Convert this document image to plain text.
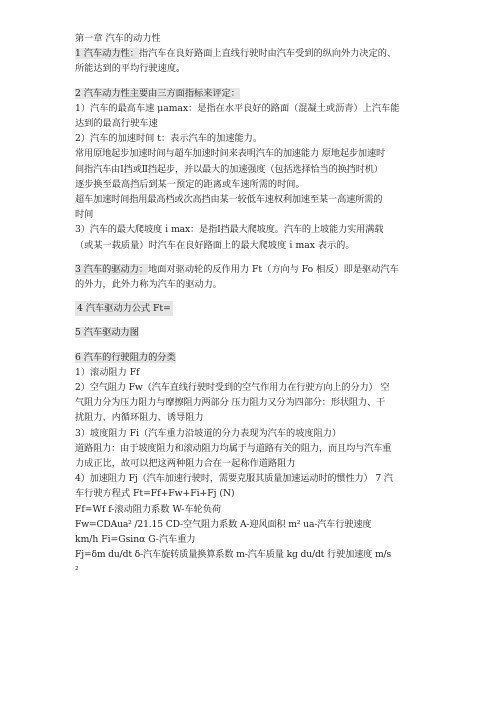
第一章 汽车的动力性
1 汽车动力性：指汽车在良好路面上直线行驶时由汽车受到的纵向外力决定的、
所能达到的平均行驶速度。
2 汽车动力性主要由三方面指标来评定：
1）汽车的最高车速 μamax：是指在水平良好的路面（混凝土或沥青）上汽车能
达到的最高行驶车速
2）汽车的加速时间 t：表示汽车的加速能力。
常用原地起步加速时间与超车加速时间来表明汽车的加速能力 原地起步加速时
间指汽车由Ⅰ挡或Ⅱ挡起步，并以最大的加速强度（包括选择恰当的换挡时机）
逐步换至最高挡后到某一预定的距离或车速所需的时间。
超车加速时间指用最高档或次高挡由某一较低车速权利加速至某一高速所需的
时间
3）汽车的最大爬坡度ｉmax：是指Ⅰ挡最大爬坡度。汽车的上坡能力实用满载
（或某一载质量）时汽车在良好路面上的最大爬坡度ｉmax 表示的。
3 汽车的驱动力：地面对驱动轮的反作用力 Ft（方向与 Fo 相反）即是驱动汽车
的外力，此外力称为汽车的驱动力。
4 汽车驱动力公式 Ft=
5 汽车驱动力图
6 汽车的行驶阻力的分类
1）滚动阻力 Ff
2）空气阻力 Fw（汽车直线行驶时受到的空气作用力在行驶方向上的分力） 空
气阻力分为压力阻力与摩擦阻力两部分 压力阻力又分为四部分：形状阻力、干
扰阻力、内循环阻力、诱导阻力
3）坡度阻力 Fi（汽车重力沿坡道的分力表现为汽车的坡度阻力）
道路阻力：由于坡度阻力和滚动阻力均属于与道路有关的阻力，而且均与汽车重
力成正比，故可以把这两种阻力合在一起称作道路阻力
4）加速阻力 Fj（汽车加速行驶时，需要克服其质量加速运动时的惯性力） 7 汽
车行驶方程式 Ft=Ff+Fw+Fi+Fj (N)
Ff=Wf f-滚动阻力系数 W-车轮负荷
Fw=CDAua² /21.15 CD-空气阻力系数 A-迎风面积 m² ua-汽车行驶速度
km/h Fi=Gsinα G-汽车重力
Fj=δm du/dt δ-汽车旋转质量换算系数 m-汽车质量 kg du/dt 行驶加速度 m/s
²
